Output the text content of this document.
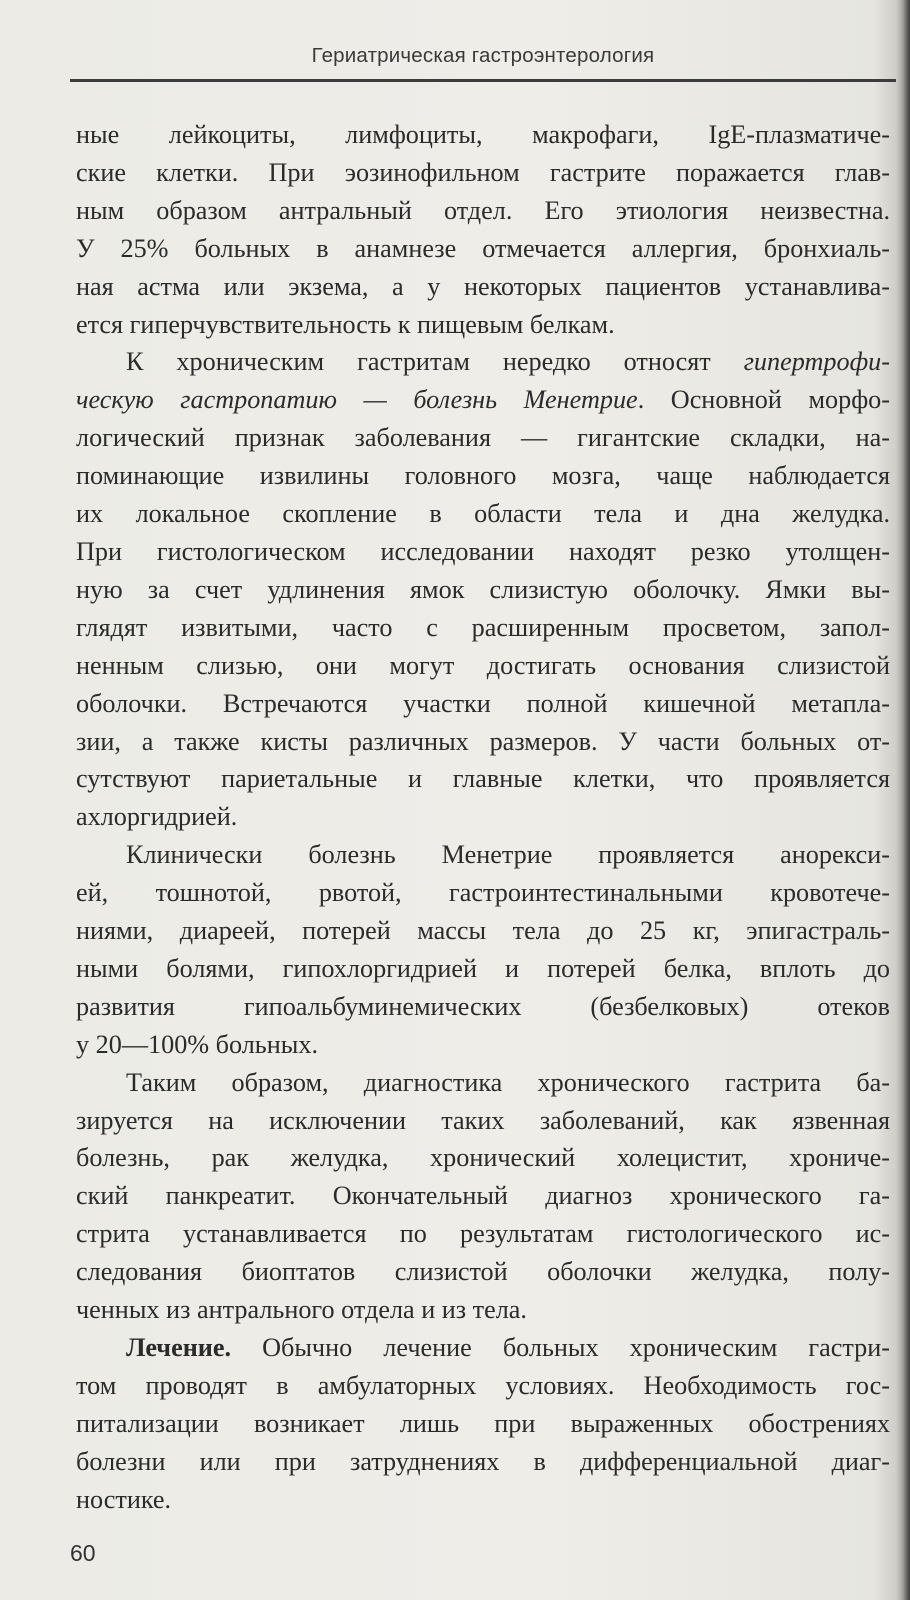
Гериатрическая гастроэнтерология
ные лейкоциты, лимфоциты, макрофаги, IgE-плазматиче-
ские клетки. При эозинофильном гастрите поражается глав-
ным образом антральный отдел. Его этиология неизвестна.
У 25% больных в анамнезе отмечается аллергия, бронхиаль-
ная астма или экзема, а у некоторых пациентов устанавлива-
ется гиперчувствительность к пищевым белкам.
К хроническим гастритам нередко относят гипертрофи-
ческую гастропатию — болезнь Менетрие. Основной морфо-
логический признак заболевания — гигантские складки, на-
поминающие извилины головного мозга, чаще наблюдается
их локальное скопление в области тела и дна желудка.
При гистологическом исследовании находят резко утолщен-
ную за счет удлинения ямок слизистую оболочку. Ямки вы-
глядят извитыми, часто с расширенным просветом, запол-
ненным слизью, они могут достигать основания слизистой
оболочки. Встречаются участки полной кишечной метапла-
зии, а также кисты различных размеров. У части больных от-
сутствуют париетальные и главные клетки, что проявляется
ахлоргидрией.
Клинически болезнь Менетрие проявляется анорекси-
ей, тошнотой, рвотой, гастроинтестинальными кровотече-
ниями, диареей, потерей массы тела до 25 кг, эпигастраль-
ными болями, гипохлоргидрией и потерей белка, вплоть до
развития гипоальбуминемических (безбелковых) отеков
у 20—100% больных.
Таким образом, диагностика хронического гастрита ба-
зируется на исключении таких заболеваний, как язвенная
болезнь, рак желудка, хронический холецистит, хрониче-
ский панкреатит. Окончательный диагноз хронического га-
стрита устанавливается по результатам гистологического ис-
следования биоптатов слизистой оболочки желудка, полу-
ченных из антрального отдела и из тела.
Лечение. Обычно лечение больных хроническим гастри-
том проводят в амбулаторных условиях. Необходимость гос-
питализации возникает лишь при выраженных обострениях
болезни или при затруднениях в дифференциальной диаг-
ностике.
60
